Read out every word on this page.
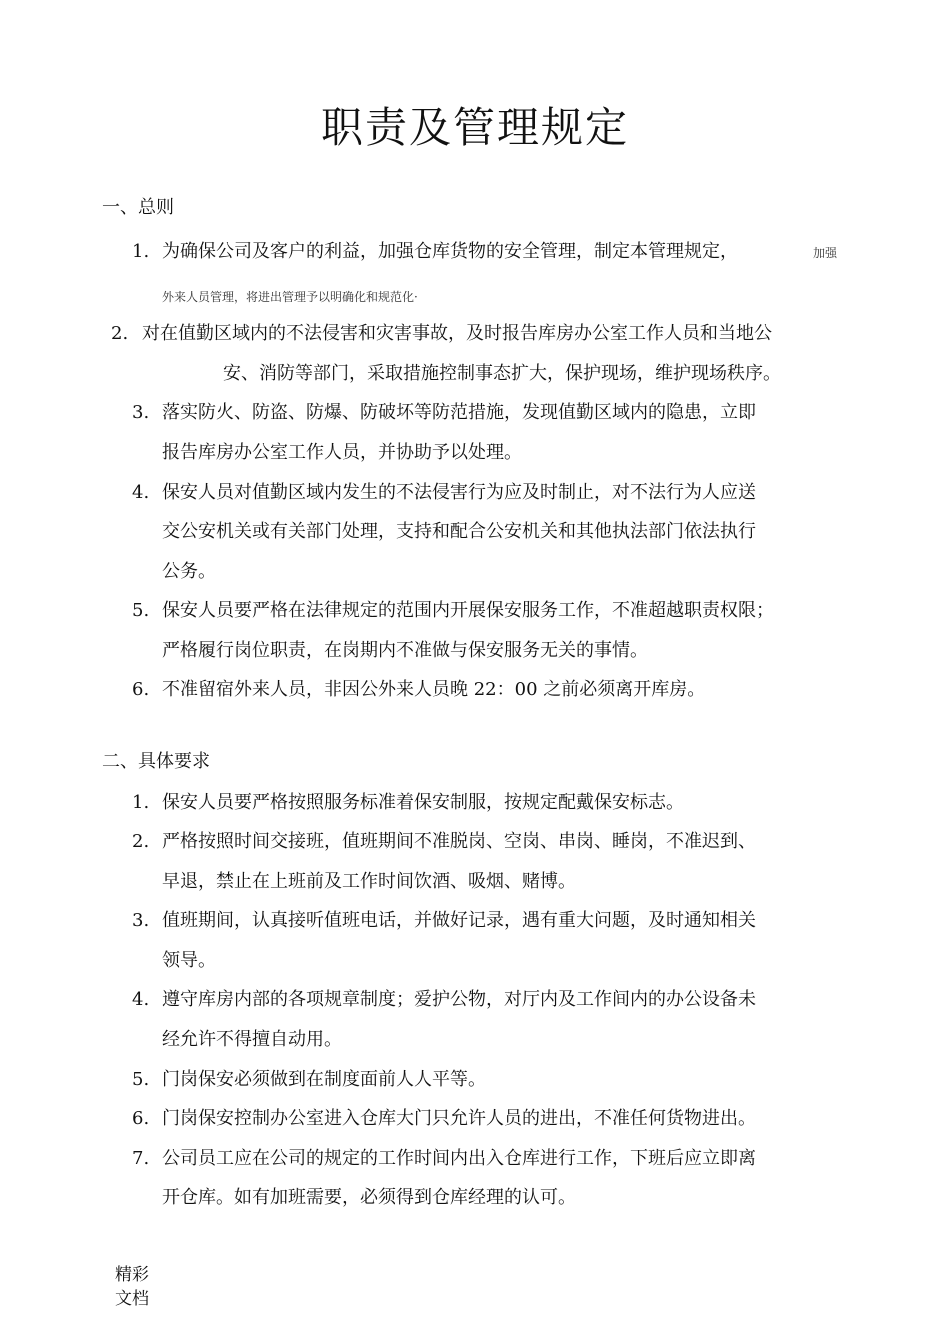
职责及管理规定
一、总则
1. 为确保公司及客户的利益，加强仓库货物的安全管理，制定本管理规定，	加强
外来人员管理，将进出管理予以明确化和规范化·
2. 对在值勤区域内的不法侵害和灾害事故，及时报告库房办公室工作人员和当地公
安、消防等部门，采取措施控制事态扩大，保护现场，维护现场秩序。
3. 落实防火、防盗、防爆、防破坏等防范措施，发现值勤区域内的隐患，立即
报告库房办公室工作人员，并协助予以处理。
4. 保安人员对值勤区域内发生的不法侵害行为应及时制止，对不法行为人应送
交公安机关或有关部门处理，支持和配合公安机关和其他执法部门依法执行
公务。
5. 保安人员要严格在法律规定的范围内开展保安服务工作，不准超越职责权限；
严格履行岗位职责，在岗期内不准做与保安服务无关的事情。
6. 不准留宿外来人员，非因公外来人员晚 22：00 之前必须离开库房。
二、具体要求
1. 保安人员要严格按照服务标准着保安制服，按规定配戴保安标志。
2. 严格按照时间交接班，值班期间不准脱岗、空岗、串岗、睡岗，不准迟到、
早退，禁止在上班前及工作时间饮酒、吸烟、赌博。
3. 值班期间，认真接听值班电话，并做好记录，遇有重大问题，及时通知相关
领导。
4. 遵守库房内部的各项规章制度；爱护公物，对厅内及工作间内的办公设备未
经允许不得擅自动用。
5. 门岗保安必须做到在制度面前人人平等。
6. 门岗保安控制办公室进入仓库大门只允许人员的进出，不准任何货物进出。
7. 公司员工应在公司的规定的工作时间内出入仓库进行工作，下班后应立即离
开仓库。如有加班需要，必须得到仓库经理的认可。
精彩
文档
